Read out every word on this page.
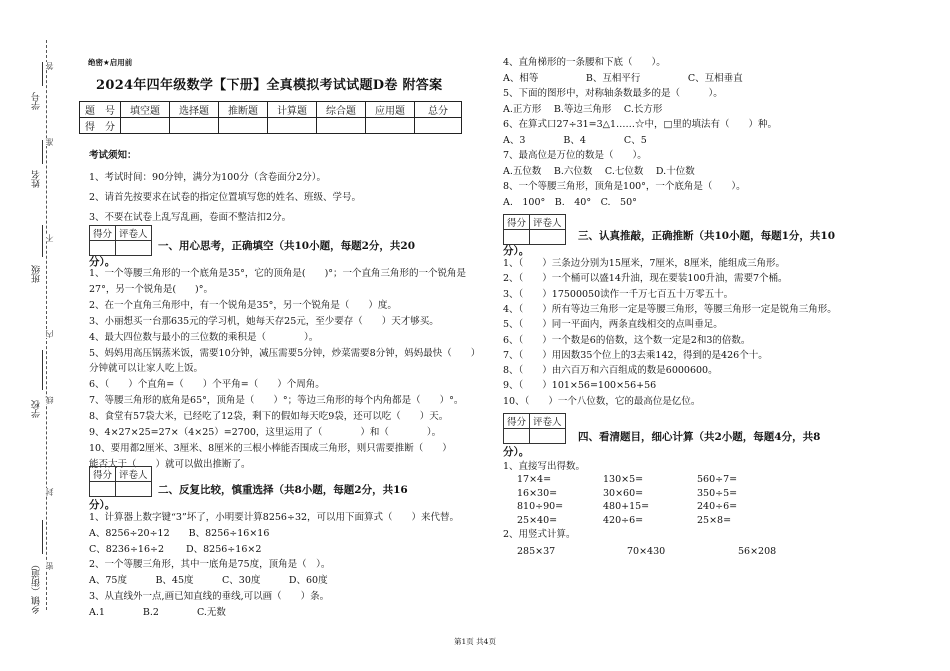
学号
姓名
班级
学校
乡镇（街道）
答
准
不
内
线
封
密
绝密★启用前
2024年四年级数学【下册】全真模拟考试试题D卷 附答案
题　号	填空题	选择题	推断题	计算题	综合题	应用题	总分
得　分							
考试须知：
1、考试时间：90分钟，满分为100分（含卷面分2分）。
2、请首先按要求在试卷的指定位置填写您的姓名、班级、学号。
3、不要在试卷上乱写乱画，卷面不整洁扣2分。
得分	评卷人

一、用心思考，正确填空（共10小题，每题2分，共20
分）。
1、一个等腰三角形的一个底角是35°，它的顶角是(　　)°；一个直角三角形的一个锐角是
27°，另一个锐角是(　　)°。
2、在一个直角三角形中，有一个锐角是35°，另一个锐角是（　　）度。
3、小丽想买一台那635元的学习机，她每天存25元，至少要存（　　）天才够买。
4、最大四位数与最小的三位数的乘积是（　　　　）。
5、妈妈用高压锅蒸米饭，需要10分钟，减压需要5分钟，炒菜需要8分钟，妈妈最快（　　）
分钟就可以让家人吃上饭。
6、（　　）个直角=（　　）个平角=（　　）个周角。
7、等腰三角形的底角是65°，顶角是（　　）°；等边三角形的每个内角都是（　　）°。
8、食堂有57袋大米，已经吃了12袋，剩下的假如每天吃9袋，还可以吃（　　）天。
9、4×27×25=27×（4×25）=2700，这里运用了（　　　　）和（　　　　）。
10、要用都2厘米、3厘米、8厘米的三根小棒能否围成三角形，则只需要推断（　　）
能否大于（　　）就可以做出推断了。
得分	评卷人

二、反复比较，慎重选择（共8小题，每题2分，共16
分）。
1、计算器上数字键“3”坏了，小明要计算8256÷32，可以用下面算式（　　）来代替。
A、8256÷20÷12　　B、8256÷16×16
C、8236÷16÷2　　 D、8256÷16×2
2、一个等腰三角形，其中一底角是75度，顶角是（　）。
A、75度　　　B、45度　　　C、30度　　　D、60度
3、从直线外一点,画已知直线的垂线,可以画（　　）条。
A.1　　　　B.2　　　　C.无数
4、直角梯形的一条腰和下底（　　）。
A、相等　　　　　B、互相平行　　　　　C、互相垂直
5、下面的图形中，对称轴条数最多的是（　　　）。
A.正方形　 B.等边三角形　 C.长方形
6、在算式口27÷31=3△1……☆中，□里的填法有（　　）种。
A、3　　　　B、4　　　　C、5
7、最高位是万位的数是（　　）。
A.五位数　 B.六位数　 C.七位数　 D.十位数
8、一个等腰三角形，顶角是100°，一个底角是（　　）。
A.　100°　B.　40°　C.　50°
得分	评卷人

三、认真推敲，正确推断（共10小题，每题1分，共10
分）。
1、（　　）三条边分别为15厘米，7厘米，8厘米，能组成三角形。
2、（　　）一个桶可以盛14升油，现在要装100升油，需要7个桶。
3、（　　）17500050读作一千万七百五十万零五十。
4、（　　）所有等边三角形一定是等腰三角形，等腰三角形一定是锐角三角形。
5、（　　）同一平面内，两条直线相交的点叫垂足。
6、（　　）一个数是6的倍数，这个数一定是2和3的倍数。
7、（　　）用因数35个位上的3去乘142，得到的是426个十。
8、（　　）由六百万和六百组成的数是6000600。
9、（　　）101×56=100×56+56
10、（　　）一个八位数，它的最高位是亿位。
得分	评卷人

四、看清题目，细心计算（共2小题，每题4分，共8
分）。
1、直接写出得数。
17×4=	130×5=	560÷7=
16×30=	30×60=	350÷5=
810÷90=	480+15=	240÷6=
25×40=	420÷6=	25×8=
2、用竖式计算。
285×37	70×430	56×208
第1页 共4页
